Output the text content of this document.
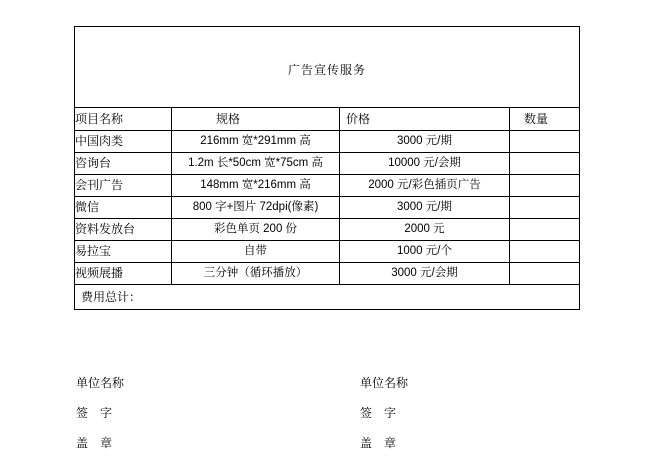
广告宣传服务			

项目名称	规格	价格	数量
中国肉类	216mm 宽*291mm 高	3000 元/期	
咨询台	1.2m 长*50cm 宽*75cm 高	10000 元/会期	
会刊广告	148mm 宽*216mm 高	2000 元/彩色插页广告	
微信	800 字+图片 72dpi(像素)	3000 元/期	
资料发放台	彩色单页 200 份	2000 元	
易拉宝	自带	1000 元/个	
视频展播	三分钟（循环播放）	3000 元/会期	
费用总计：			
单位名称
签    字
盖    章
单位名称
签    字
盖    章
